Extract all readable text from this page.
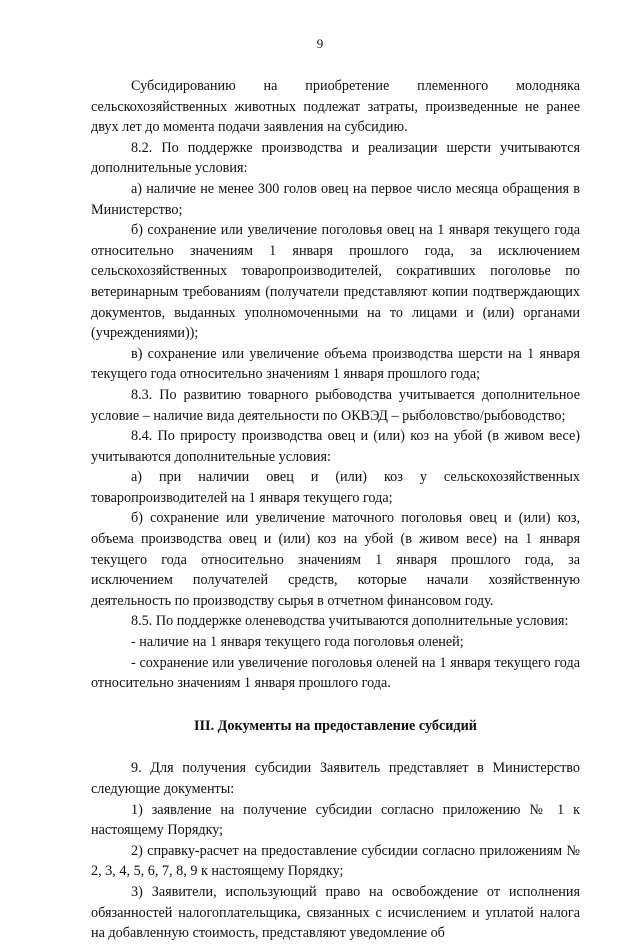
9

Субсидированию на приобретение племенного молодняка сельскохозяйственных животных подлежат затраты, произведенные не ранее двух лет до момента подачи заявления на субсидию.

8.2. По поддержке производства и реализации шерсти учитываются дополнительные условия:

а) наличие не менее 300 голов овец на первое число месяца обращения в Министерство;

б) сохранение или увеличение поголовья овец на 1 января текущего года относительно значениям 1 января прошлого года, за исключением сельскохозяйственных товаропроизводителей, сокративших поголовье по ветеринарным требованиям (получатели представляют копии подтверждающих документов, выданных уполномоченными на то лицами и (или) органами (учреждениями));

в) сохранение или увеличение объема производства шерсти на 1 января текущего года относительно значениям 1 января прошлого года;

8.3. По развитию товарного рыбоводства учитывается дополнительное условие – наличие вида деятельности по ОКВЭД – рыболовство/рыбоводство;

8.4. По приросту производства овец и (или) коз на убой (в живом весе) учитываются дополнительные условия:

а) при наличии овец и (или) коз у сельскохозяйственных товаропроизводителей на 1 января текущего года;

б) сохранение или увеличение маточного поголовья овец и (или) коз, объема производства овец и (или) коз на убой (в живом весе) на 1 января текущего года относительно значениям 1 января прошлого года, за исключением получателей средств, которые начали хозяйственную деятельность по производству сырья в отчетном финансовом году.

8.5. По поддержке оленеводства учитываются дополнительные условия:

- наличие на 1 января текущего года поголовья оленей;

- сохранение или увеличение поголовья оленей на 1 января текущего года относительно значениям 1 января прошлого года.

III. Документы на предоставление субсидий

9. Для получения субсидии Заявитель представляет в Министерство следующие документы:

1) заявление на получение субсидии согласно приложению № 1 к настоящему Порядку;

2) справку-расчет на предоставление субсидии согласно приложениям № 2, 3, 4, 5, 6, 7, 8, 9 к настоящему Порядку;

3) Заявители, использующий право на освобождение от исполнения обязанностей налогоплательщика, связанных с исчислением и уплатой налога на добавленную стоимость, представляют уведомление об
